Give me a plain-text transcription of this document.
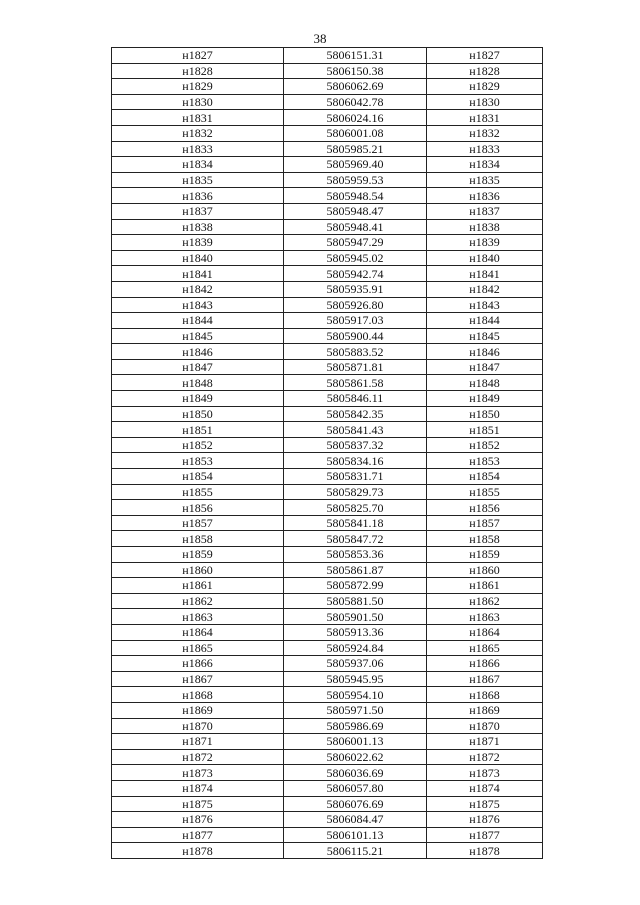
38
н1827	5806151.31	н1827
н1828	5806150.38	н1828
н1829	5806062.69	н1829
н1830	5806042.78	н1830
н1831	5806024.16	н1831
н1832	5806001.08	н1832
н1833	5805985.21	н1833
н1834	5805969.40	н1834
н1835	5805959.53	н1835
н1836	5805948.54	н1836
н1837	5805948.47	н1837
н1838	5805948.41	н1838
н1839	5805947.29	н1839
н1840	5805945.02	н1840
н1841	5805942.74	н1841
н1842	5805935.91	н1842
н1843	5805926.80	н1843
н1844	5805917.03	н1844
н1845	5805900.44	н1845
н1846	5805883.52	н1846
н1847	5805871.81	н1847
н1848	5805861.58	н1848
н1849	5805846.11	н1849
н1850	5805842.35	н1850
н1851	5805841.43	н1851
н1852	5805837.32	н1852
н1853	5805834.16	н1853
н1854	5805831.71	н1854
н1855	5805829.73	н1855
н1856	5805825.70	н1856
н1857	5805841.18	н1857
н1858	5805847.72	н1858
н1859	5805853.36	н1859
н1860	5805861.87	н1860
н1861	5805872.99	н1861
н1862	5805881.50	н1862
н1863	5805901.50	н1863
н1864	5805913.36	н1864
н1865	5805924.84	н1865
н1866	5805937.06	н1866
н1867	5805945.95	н1867
н1868	5805954.10	н1868
н1869	5805971.50	н1869
н1870	5805986.69	н1870
н1871	5806001.13	н1871
н1872	5806022.62	н1872
н1873	5806036.69	н1873
н1874	5806057.80	н1874
н1875	5806076.69	н1875
н1876	5806084.47	н1876
н1877	5806101.13	н1877
н1878	5806115.21	н1878
